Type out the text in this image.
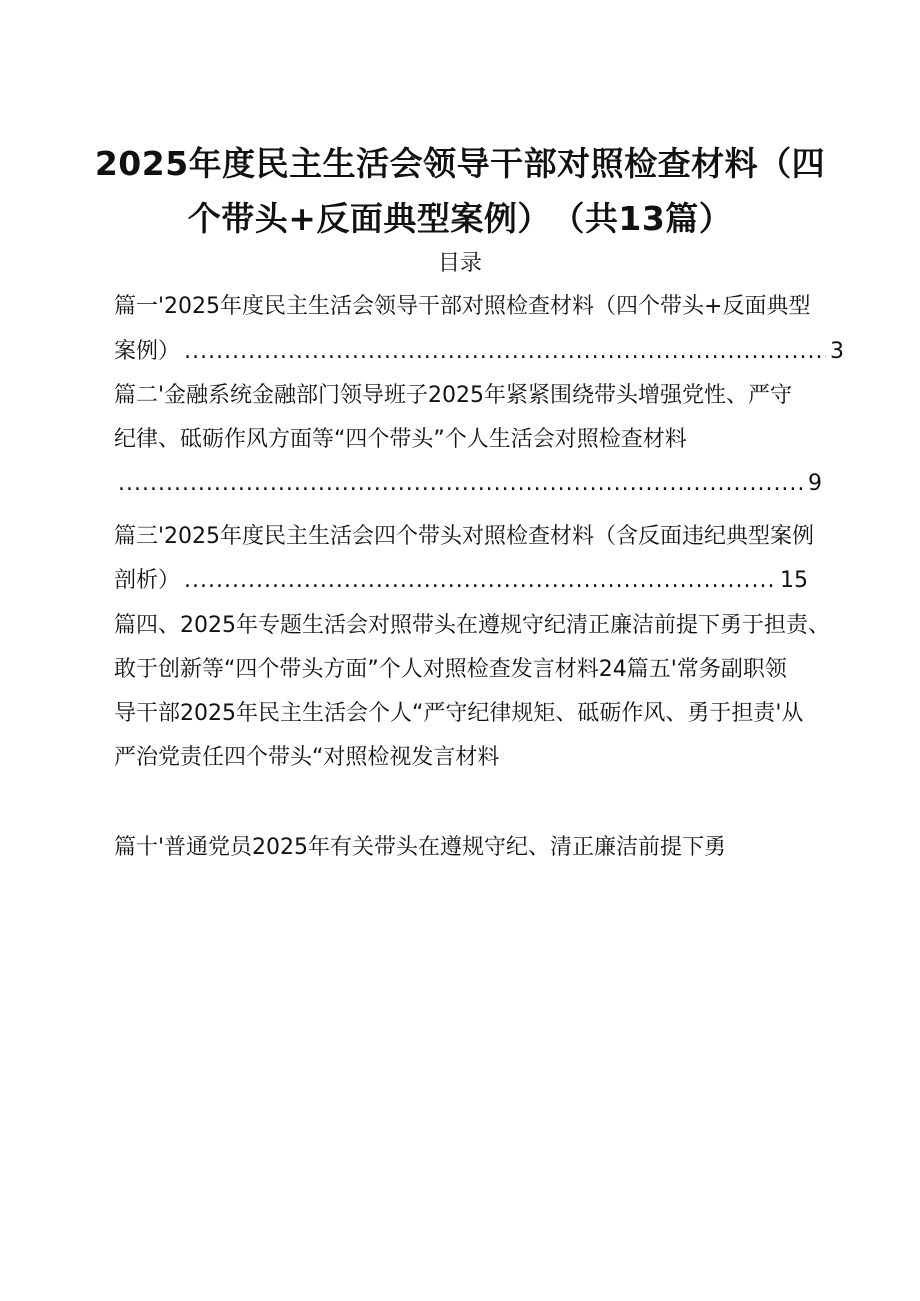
2025年度民主生活会领导干部对照检查材料（四
个带头+反面典型案例）　（共13篇）
目录
篇一'2025年度民主生活会领导干部对照检查材料（四个带头+反面典型
案例） .....	3
篇二'金融系统金融部门领导班子2025年紧紧围绕带头增强党性、严守
纪律、砥砺作风方面等“四个带头”个人生活会对照检查材料
.....
9
篇三'2025年度民主生活会四个带头对照检查材料（含反面违纪典型案例
剖析） .....	15
篇四、2025年专题生活会对照带头在遵规守纪清正廉洁前提下勇于担责、
敢于创新等“四个带头方面”个人对照检查发言材料24篇五'常务副职领
导干部2025年民主生活会个人“严守纪律规矩、砥砺作风、勇于担责'从
严治党责任四个带头“对照检视发言材料
篇十'普通党员2025年有关带头在遵规守纪、清正廉洁前提下勇
